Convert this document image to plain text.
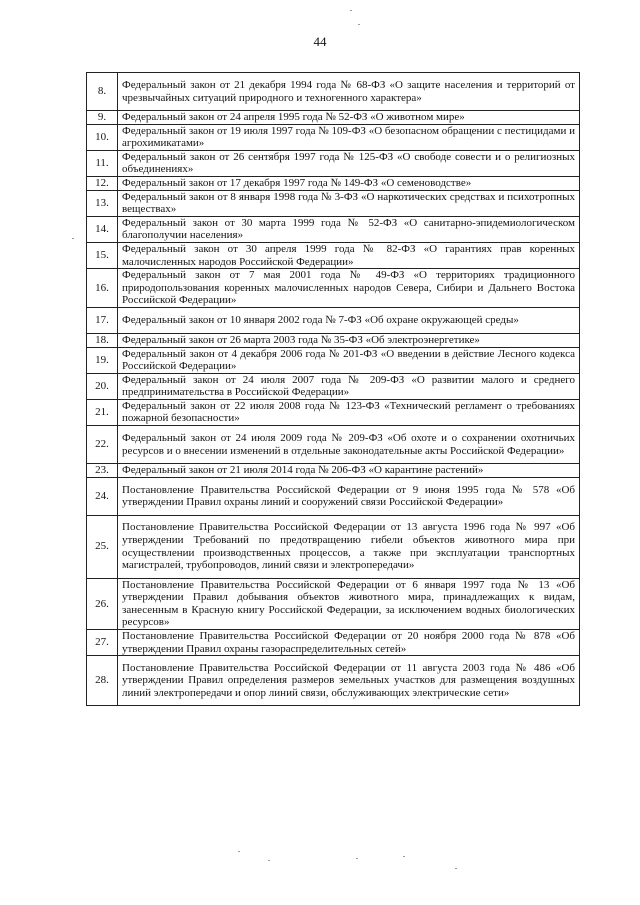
44
8.	Федеральный закон от 21 декабря 1994 года № 68-ФЗ «О защите населения и территорий от чрезвычайных ситуаций природного и техногенного характера»
9.	Федеральный закон от 24 апреля 1995 года № 52-ФЗ «О животном мире»
10.	Федеральный закон от 19 июля 1997 года № 109-ФЗ «О безопасном обращении с пестицидами и агрохимикатами»
11.	Федеральный закон от 26 сентября 1997 года № 125-ФЗ «О свободе совести и о религиозных объединениях»
12.	Федеральный закон от 17 декабря 1997 года № 149-ФЗ «О семеноводстве»
13.	Федеральный закон от 8 января 1998 года № 3-ФЗ «О наркотических средствах и психотропных веществах»
14.	Федеральный закон от 30 марта 1999 года № 52-ФЗ «О санитарно-эпидемиологическом благополучии населения»
15.	Федеральный закон от 30 апреля 1999 года № 82-ФЗ «О гарантиях прав коренных малочисленных народов Российской Федерации»
16.	Федеральный закон от 7 мая 2001 года № 49-ФЗ «О территориях традиционного природопользования коренных малочисленных народов Севера, Сибири и Дальнего Востока Российской Федерации»
17.	Федеральный закон от 10 января 2002 года № 7-ФЗ «Об охране окружающей среды»
18.	Федеральный закон от 26 марта 2003 года № 35-ФЗ «Об электроэнергетике»
19.	Федеральный закон от 4 декабря 2006 года № 201-ФЗ «О введении в действие Лесного кодекса Российской Федерации»
20.	Федеральный закон от 24 июля 2007 года № 209-ФЗ «О развитии малого и среднего предпринимательства в Российской Федерации»
21.	Федеральный закон от 22 июля 2008 года № 123-ФЗ «Технический регламент о требованиях пожарной безопасности»
22.	Федеральный закон от 24 июля 2009 года № 209-ФЗ «Об охоте и о сохранении охотничьих ресурсов и о внесении изменений в отдельные законодательные акты Российской Федерации»
23.	Федеральный закон от 21 июля 2014 года № 206-ФЗ «О карантине растений»
24.	Постановление Правительства Российской Федерации от 9 июня 1995 года № 578 «Об утверждении Правил охраны линий и сооружений связи Российской Федерации»
25.	Постановление Правительства Российской Федерации от 13 августа 1996 года № 997 «Об утверждении Требований по предотвращению гибели объектов животного мира при осуществлении производственных процессов, а также при эксплуатации транспортных магистралей, трубопроводов, линий связи и электропередачи»
26.	Постановление Правительства Российской Федерации от 6 января 1997 года № 13 «Об утверждении Правил добывания объектов животного мира, принадлежащих к видам, занесенным в Красную книгу Российской Федерации, за исключением водных биологических ресурсов»
27.	Постановление Правительства Российской Федерации от 20 ноября 2000 года № 878 «Об утверждении Правил охраны газораспределительных сетей»
28.	Постановление Правительства Российской Федерации от 11 августа 2003 года № 486 «Об утверждении Правил определения размеров земельных участков для размещения воздушных линий электропередачи и опор линий связи, обслуживающих электрические сети»
